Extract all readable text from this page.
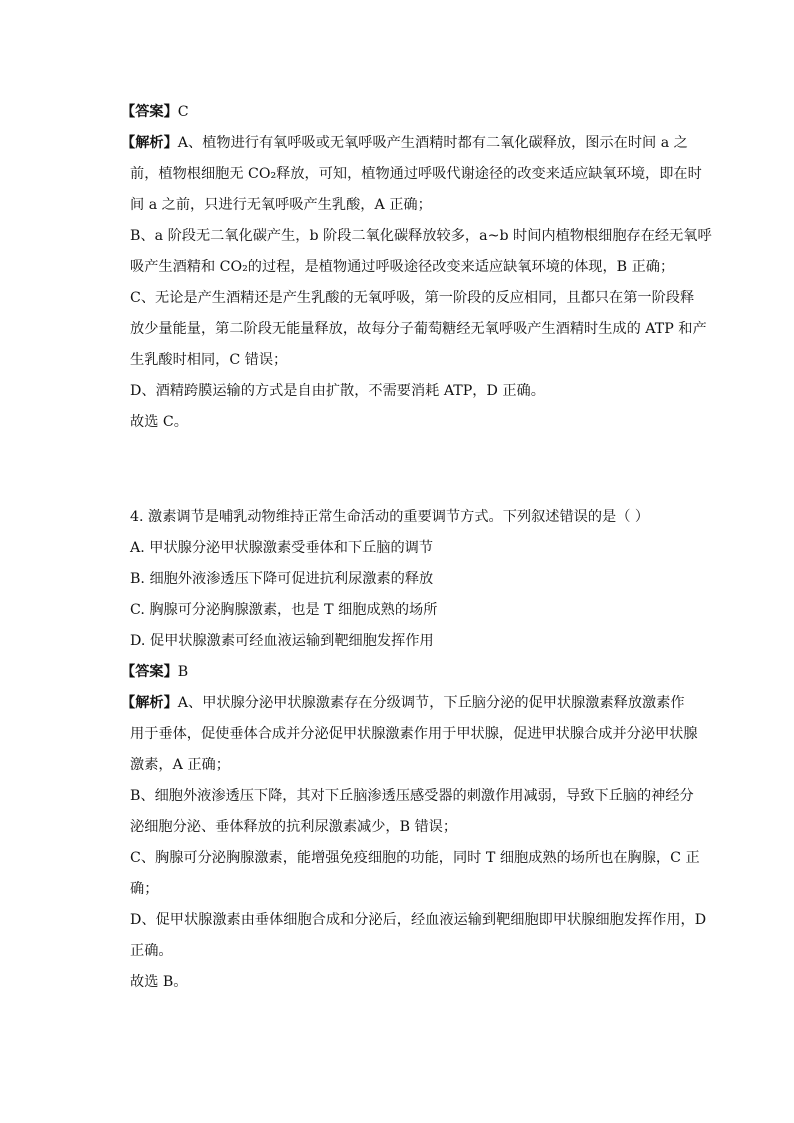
【答案】C
【解析】A、植物进行有氧呼吸或无氧呼吸产生酒精时都有二氧化碳释放，图示在时间 a 之
前，植物根细胞无 CO₂释放，可知，植物通过呼吸代谢途径的改变来适应缺氧环境，即在时
间 a 之前，只进行无氧呼吸产生乳酸，A 正确；
B、a 阶段无二氧化碳产生，b 阶段二氧化碳释放较多，a~b 时间内植物根细胞存在经无氧呼
吸产生酒精和 CO₂的过程，是植物通过呼吸途径改变来适应缺氧环境的体现，B 正确；
C、无论是产生酒精还是产生乳酸的无氧呼吸，第一阶段的反应相同，且都只在第一阶段释
放少量能量，第二阶段无能量释放，故每分子葡萄糖经无氧呼吸产生酒精时生成的 ATP 和产
生乳酸时相同，C 错误；
D、酒精跨膜运输的方式是自由扩散，不需要消耗 ATP，D 正确。
故选 C。
4. 激素调节是哺乳动物维持正常生命活动的重要调节方式。下列叙述错误的是（ ）
A. 甲状腺分泌甲状腺激素受垂体和下丘脑的调节
B. 细胞外液渗透压下降可促进抗利尿激素的释放
C. 胸腺可分泌胸腺激素，也是 T 细胞成熟的场所
D. 促甲状腺激素可经血液运输到靶细胞发挥作用
【答案】B
【解析】A、甲状腺分泌甲状腺激素存在分级调节，下丘脑分泌的促甲状腺激素释放激素作
用于垂体，促使垂体合成并分泌促甲状腺激素作用于甲状腺，促进甲状腺合成并分泌甲状腺
激素，A 正确；
B、细胞外液渗透压下降，其对下丘脑渗透压感受器的刺激作用减弱，导致下丘脑的神经分
泌细胞分泌、垂体释放的抗利尿激素减少，B 错误；
C、胸腺可分泌胸腺激素，能增强免疫细胞的功能，同时 T 细胞成熟的场所也在胸腺，C 正
确；
D、促甲状腺激素由垂体细胞合成和分泌后，经血液运输到靶细胞即甲状腺细胞发挥作用，D
正确。
故选 B。
